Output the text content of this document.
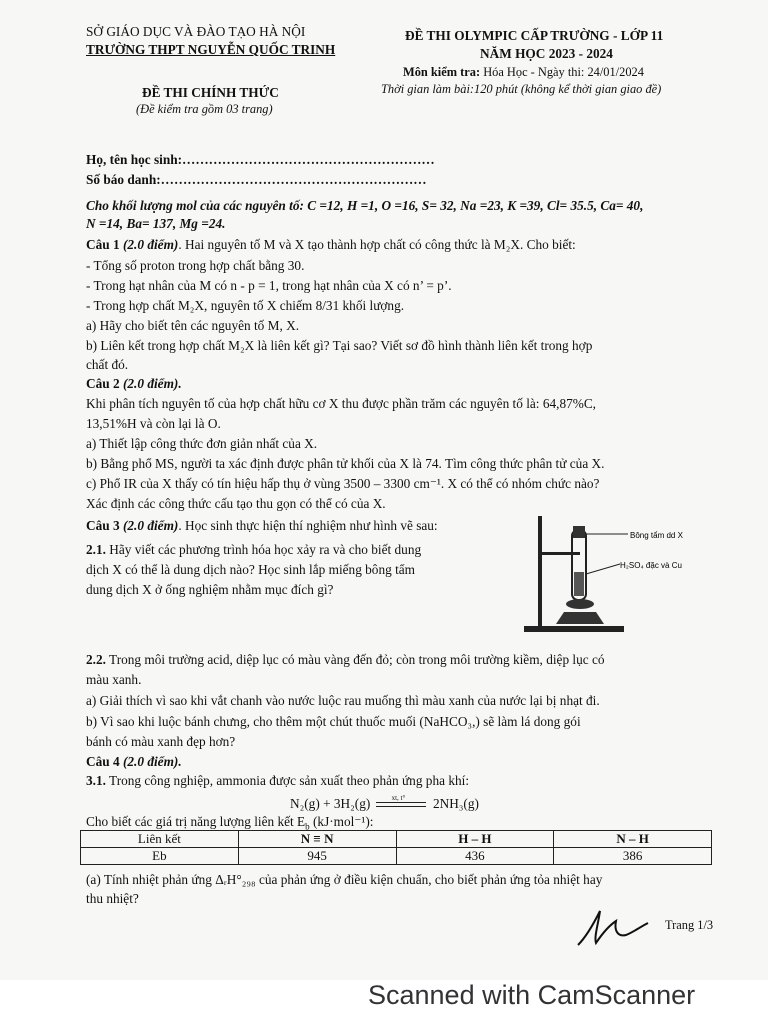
SỞ GIÁO DỤC VÀ ĐÀO TẠO HÀ NỘI
TRƯỜNG THPT NGUYỄN QUỐC TRINH
ĐỀ THI CHÍNH THỨC
(Đề kiểm tra gồm 03 trang)
ĐỀ THI OLYMPIC CẤP TRƯỜNG - LỚP 11
NĂM HỌC 2023 - 2024
Môn kiểm tra: Hóa Học - Ngày thi: 24/01/2024
Thời gian làm bài:120 phút (không kể thời gian giao đề)
Họ, tên học sinh:…………………………………………………
Số báo danh:……………………………………………………
Cho khối lượng mol của các nguyên tố: C =12, H =1, O =16, S= 32, Na =23, K =39, Cl= 35.5, Ca= 40,
N =14, Ba= 137, Mg =24.
Câu 1 (2.0 điểm). Hai nguyên tố M và X tạo thành hợp chất có công thức là M₂X. Cho biết:
- Tổng số proton trong hợp chất bằng 30.
- Trong hạt nhân của M có n - p = 1, trong hạt nhân của X có n’ = p’.
- Trong hợp chất M₂X, nguyên tố X chiếm 8/31 khối lượng.
a) Hãy cho biết tên các nguyên tố M, X.
b) Liên kết trong hợp chất M₂X là liên kết gì? Tại sao? Viết sơ đồ hình thành liên kết trong hợp
chất đó.
Câu 2 (2.0 điểm).
Khi phân tích nguyên tố của hợp chất hữu cơ X thu được phần trăm các nguyên tố là: 64,87%C,
13,51%H và còn lại là O.
a) Thiết lập công thức đơn giản nhất của X.
b) Bằng phổ MS, người ta xác định được phân tử khối của X là 74. Tìm công thức phân tử của X.
c) Phổ IR của X thấy có tín hiệu hấp thụ ở vùng 3500 – 3300 cm⁻¹. X có thể có nhóm chức nào?
Xác định các công thức cấu tạo thu gọn có thể có của X.
Câu 3 (2.0 điểm). Học sinh thực hiện thí nghiệm như hình vẽ sau:
2.1. Hãy viết các phương trình hóa học xảy ra và cho biết dung
dịch X có thể là dung dịch nào? Học sinh lắp miếng bông tẩm
dung dịch X ở ống nghiệm nhằm mục đích gì?
Bông tẩm dd X
H₂SO₄ đặc và Cu
2.2. Trong môi trường acid, diệp lục có màu vàng đến đỏ; còn trong môi trường kiềm, diệp lục có
màu xanh.
a) Giải thích vì sao khi vắt chanh vào nước luộc rau muống thì màu xanh của nước lại bị nhạt đi.
b) Vì sao khi luộc bánh chưng, cho thêm một chút thuốc muối (NaHCO₃,) sẽ làm lá dong gói
bánh có màu xanh đẹp hơn?
Câu 4 (2.0 điểm).
3.1. Trong công nghiệp, ammonia được sản xuất theo phản ứng pha khí:
N₂(g) + 3H₂(g)	xt, t° 2NH₃(g)
Cho biết các giá trị năng lượng liên kết $E_b$ (kJ·mol⁻¹):
Liên kết	N ≡ N	H – H	N – H
Eb	945	436	386
(a) Tính nhiệt phản ứng ΔᵣH°₂₉₈ của phản ứng ở điều kiện chuẩn, cho biết phản ứng tỏa nhiệt hay
thu nhiệt?
Trang 1/3
Scanned with CamScanner
